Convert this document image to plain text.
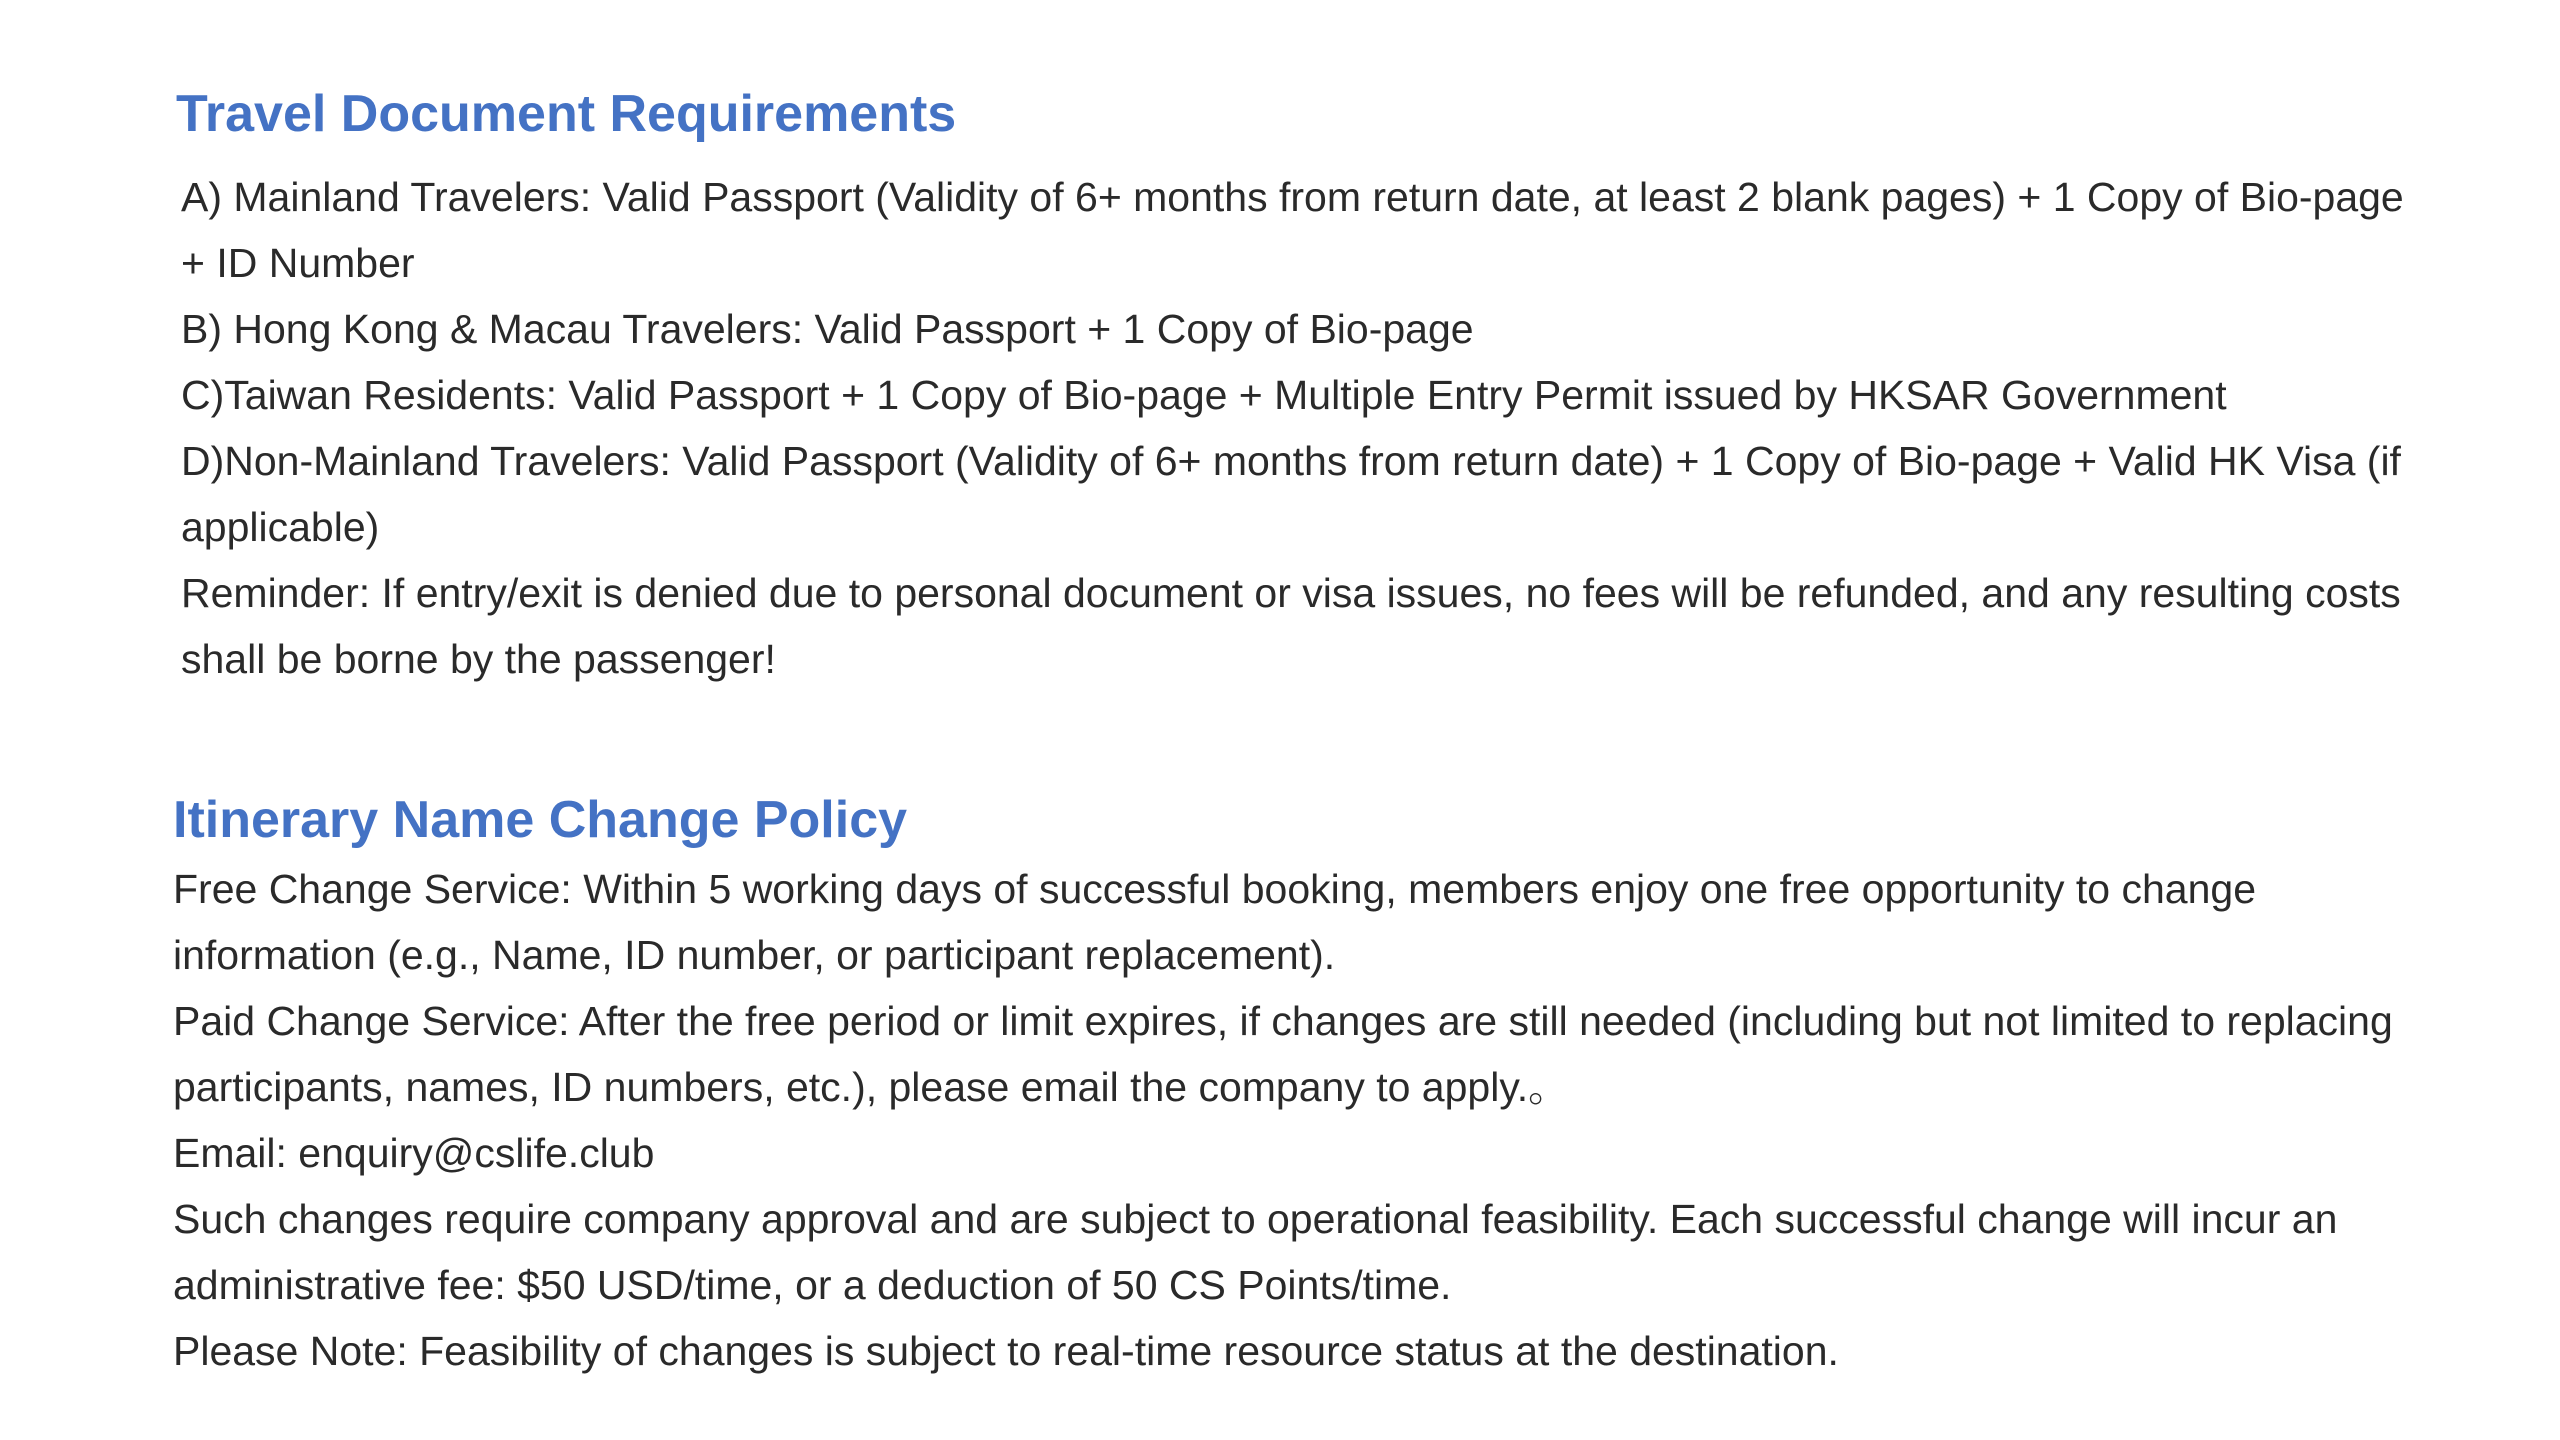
Travel Document Requirements

A) Mainland Travelers: Valid Passport (Validity of 6+ months from return date, at least 2 blank pages) + 1 Copy of Bio-page + ID Number

B) Hong Kong & Macau Travelers: Valid Passport + 1 Copy of Bio-page

C)Taiwan Residents: Valid Passport + 1 Copy of Bio-page + Multiple Entry Permit issued by HKSAR Government

D)Non-Mainland Travelers: Valid Passport (Validity of 6+ months from return date) + 1 Copy of Bio-page + Valid HK Visa (if applicable)

Reminder: If entry/exit is denied due to personal document or visa issues, no fees will be refunded, and any resulting costs shall be borne by the passenger!

Itinerary Name Change Policy

Free Change Service: Within 5 working days of successful booking, members enjoy one free opportunity to change information (e.g., Name, ID number, or participant replacement).

Paid Change Service: After the free period or limit expires, if changes are still needed (including but not limited to replacing participants, names, ID numbers, etc.), please email the company to apply.。

Email: enquiry@cslife.club

Such changes require company approval and are subject to operational feasibility. Each successful change will incur an administrative fee: $50 USD/time, or a deduction of 50 CS Points/time.

Please Note: Feasibility of changes is subject to real-time resource status at the destination.
